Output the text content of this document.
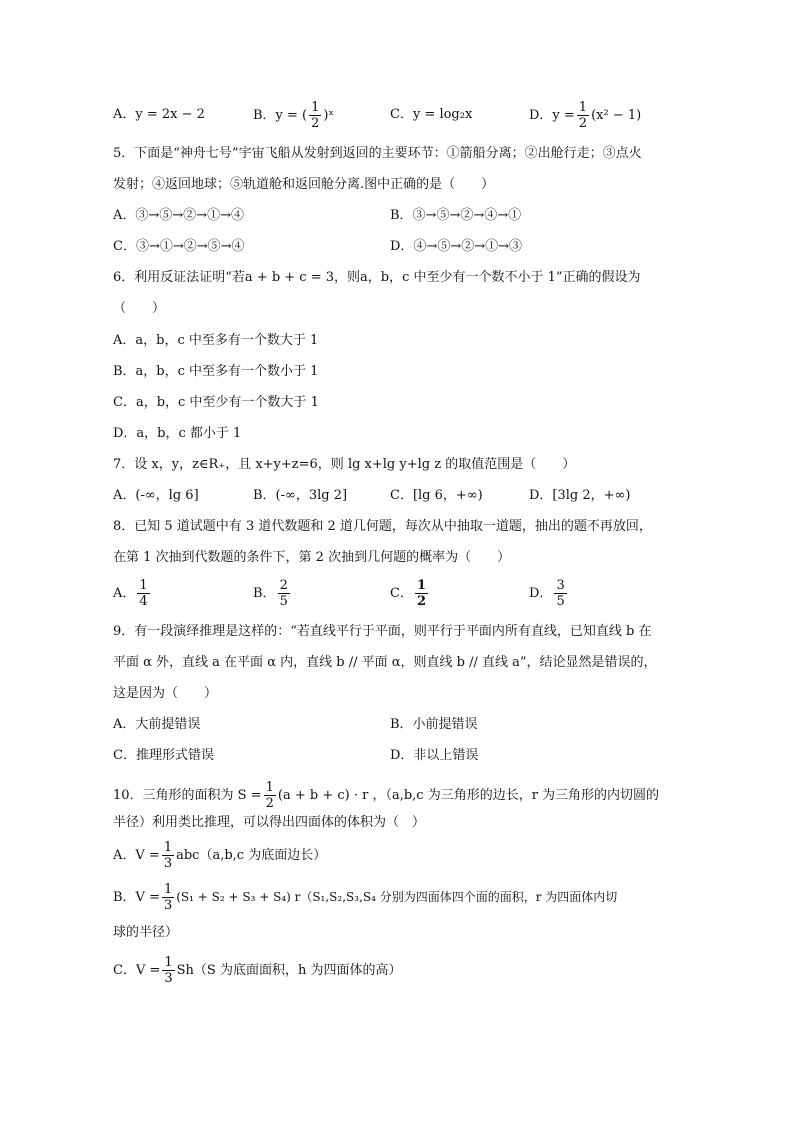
A．y = 2x − 2	B．y = ( $\frac{1}{2}$ )ˣ	C．y = log₂x	D．$y = \frac{1}{2} (x^2 - 1)$
5．下面是“神舟七号”宇宙飞船从发射到返回的主要环节：①箭船分离；②出舱行走；③点火
发射；④返回地球；⑤轨道舱和返回舱分离.图中正确的是（　　）
A．③→⑤→②→①→④	B．③→⑤→②→④→①
C．③→①→②→⑤→④	D．④→⑤→②→①→③
6．利用反证法证明“若a + b + c = 3，则a，b，c 中至少有一个数不小于 1”正确的假设为
（　　）
A．a，b，c 中至多有一个数大于 1
B．a，b，c 中至多有一个数小于 1
C．a，b，c 中至少有一个数大于 1
D．a，b，c 都小于 1
7．设 x，y，z∈R₊，且 x+y+z=6，则 lg x+lg y+lg z 的取值范围是（　　）
A．(-∞，lg 6]	B．(-∞，3lg 2]	C．[lg 6，+∞)	D．[3lg 2，+∞)
8．已知 5 道试题中有 3 道代数题和 2 道几何题，每次从中抽取一道题，抽出的题不再放回，
在第 1 次抽到代数题的条件下，第 2 次抽到几何题的概率为（　　）
A． $\frac{1}{4}$	B． $\frac{2}{5}$	C． $\frac{1}{2}$	D． $\frac{3}{5}$
9．有一段演绎推理是这样的：“若直线平行于平面，则平行于平面内所有直线，已知直线 b 在
平面 α 外，直线 a 在平面 α 内，直线 b // 平面 α，则直线 b // 直线 a”，结论显然是错误的，
这是因为（　　）
A．大前提错误	B．小前提错误
C．推理形式错误	D．非以上错误
10．三角形的面积为 $S = \frac{1}{2} (a + b + c) \cdot r$ ，（a,b,c 为三角形的边长，r 为三角形的内切圆的
半径）利用类比推理，可以得出四面体的体积为（　）
A．$V = \frac{1}{3} abc(a,b,c$ 为底面边长）
B．$V = \frac{1}{3} (S_1 + S_2 + S_3 + S_4)$ r（S₁,S₂,S₃,S₄ 分别为四面体四个面的面积，r 为四面体内切
球的半径）
C．$V = \frac{1}{3} Sh(S$ 为底面面积，h 为四面体的高）
